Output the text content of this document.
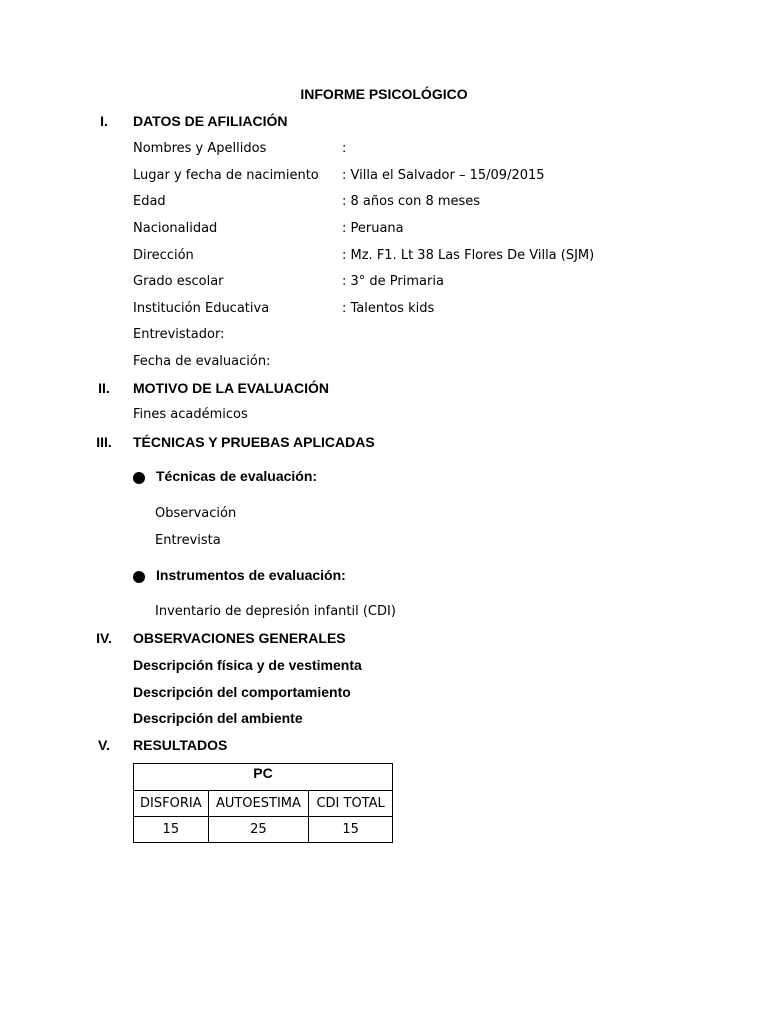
INFORME PSICOLÓGICO
I.	DATOS DE AFILIACIÓN
Nombres y Apellidos	:
Lugar y fecha de nacimiento : Villa el Salvador – 15/09/2015
Edad	: 8 años con 8 meses
Nacionalidad	: Peruana
Dirección	: Mz. F1. Lt 38 Las Flores De Villa (SJM)
Grado escolar	: 3° de Primaria
Institución Educativa	: Talentos kids
Entrevistador:
Fecha de evaluación:
II.	MOTIVO DE LA EVALUACIÓN
Fines académicos
III.	TÉCNICAS Y PRUEBAS APLICADAS
Técnicas de evaluación:
Observación
Entrevista
Instrumentos de evaluación:
Inventario de depresión infantil (CDI)
IV.	OBSERVACIONES GENERALES
Descripción física y de vestimenta
Descripción del comportamiento
Descripción del ambiente
V.	RESULTADOS
PC		
DISFORIA	AUTOESTIMA	CDI TOTAL
15	25	15
